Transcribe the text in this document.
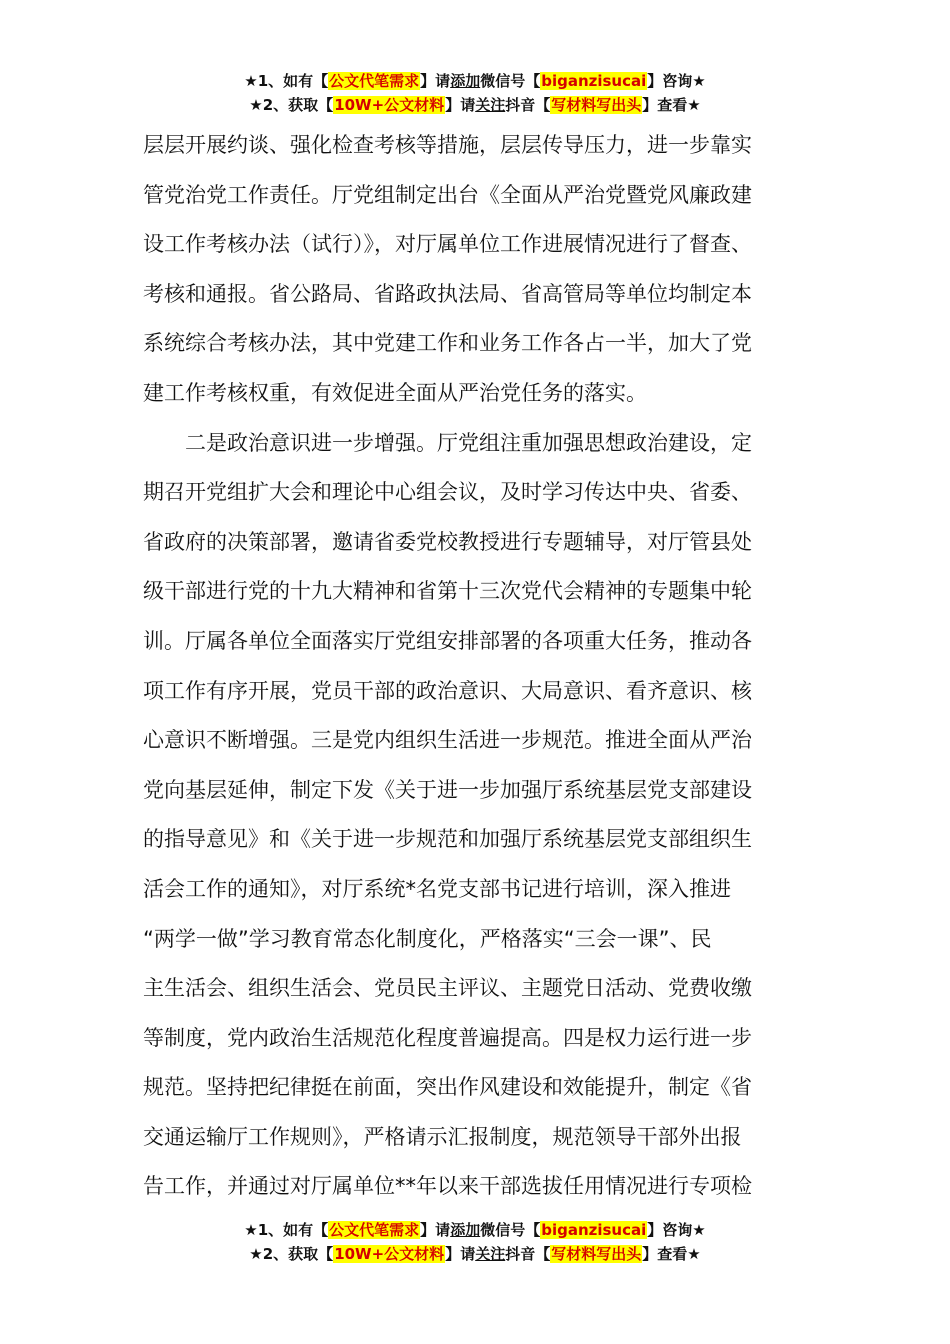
★1、如有【公文代笔需求】请添加微信号【biganzisucai】咨询★
★2、获取【10W+公文材料】请关注抖音【写材料写出头】查看★

层层开展约谈、强化检查考核等措施，层层传导压力，进一步靠实

管党治党工作责任。厅党组制定出台《全面从严治党暨党风廉政建

设工作考核办法（试行）》，对厅属单位工作进展情况进行了督查、

考核和通报。省公路局、省路政执法局、省高管局等单位均制定本

系统综合考核办法，其中党建工作和业务工作各占一半，加大了党

建工作考核权重，有效促进全面从严治党任务的落实。

　　二是政治意识进一步增强。厅党组注重加强思想政治建设，定

期召开党组扩大会和理论中心组会议，及时学习传达中央、省委、

省政府的决策部署，邀请省委党校教授进行专题辅导，对厅管县处

级干部进行党的十九大精神和省第十三次党代会精神的专题集中轮

训。厅属各单位全面落实厅党组安排部署的各项重大任务，推动各

项工作有序开展，党员干部的政治意识、大局意识、看齐意识、核

心意识不断增强。三是党内组织生活进一步规范。推进全面从严治

党向基层延伸，制定下发《关于进一步加强厅系统基层党支部建设

的指导意见》和《关于进一步规范和加强厅系统基层党支部组织生

活会工作的通知》，对厅系统*名党支部书记进行培训，深入推进

“两学一做”学习教育常态化制度化，严格落实“三会一课”、民

主生活会、组织生活会、党员民主评议、主题党日活动、党费收缴

等制度，党内政治生活规范化程度普遍提高。四是权力运行进一步

规范。坚持把纪律挺在前面，突出作风建设和效能提升，制定《省

交通运输厅工作规则》，严格请示汇报制度，规范领导干部外出报

告工作，并通过对厅属单位**年以来干部选拔任用情况进行专项检

★1、如有【公文代笔需求】请添加微信号【biganzisucai】咨询★
★2、获取【10W+公文材料】请关注抖音【写材料写出头】查看★
